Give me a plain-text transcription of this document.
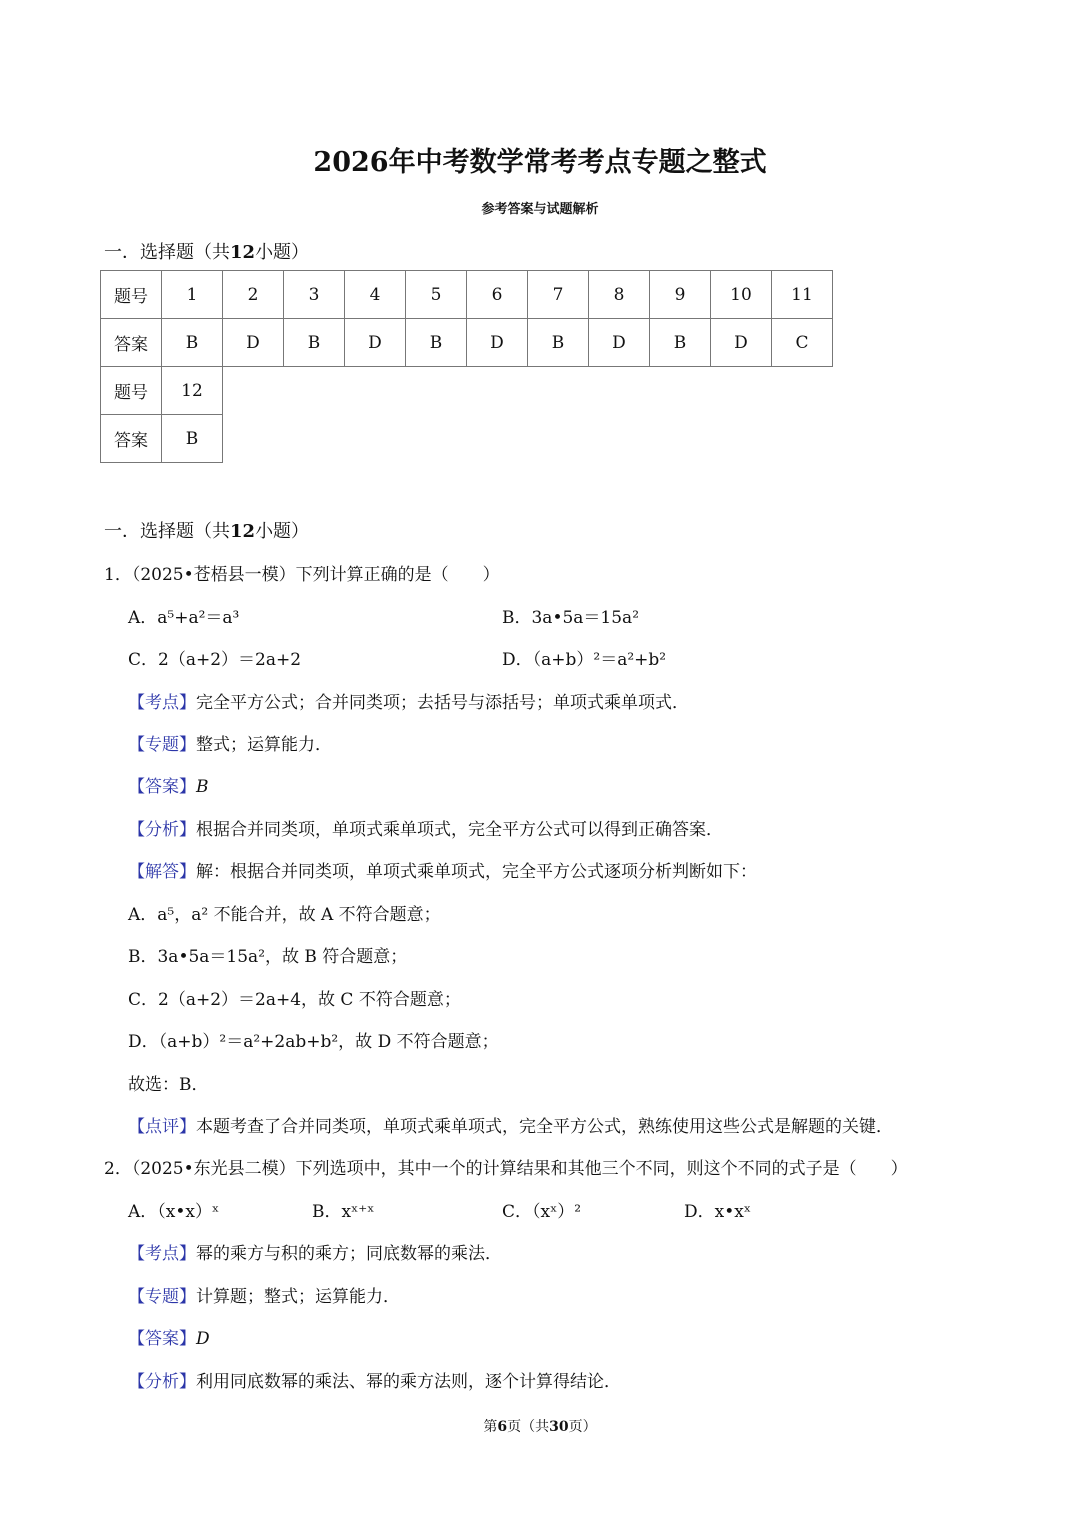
2026年中考数学常考考点专题之整式
参考答案与试题解析
一．选择题（共12小题）
题号	1	2	3	4	5	6	7	8	9	10	11
答案	B	D	B	D	B	D	B	D	B	D	C
题号	12										
答案	B										
一．选择题（共12小题）
1．（2025•苍梧县一模）下列计算正确的是（　　）
A．a⁵+a²＝a³	B．3a•5a＝15a²
C．2（a+2）＝2a+2	D．（a+b）²＝a²+b²
【考点】完全平方公式；合并同类项；去括号与添括号；单项式乘单项式．
【专题】整式；运算能力．
【答案】B
【分析】根据合并同类项，单项式乘单项式，完全平方公式可以得到正确答案．
【解答】解：根据合并同类项，单项式乘单项式，完全平方公式逐项分析判断如下：
A．a⁵，a² 不能合并，故 A 不符合题意；
B．3a•5a＝15a²，故 B 符合题意；
C．2（a+2）＝2a+4，故 C 不符合题意；
D．（a+b）²＝a²+2ab+b²，故 D 不符合题意；
故选：B．
【点评】本题考查了合并同类项，单项式乘单项式，完全平方公式，熟练使用这些公式是解题的关键．
2．（2025•东光县二模）下列选项中，其中一个的计算结果和其他三个不同，则这个不同的式子是（　　）
A．（x•x）ˣ	B．xˣ⁺ˣ	C．（xˣ）²	D．x•xˣ
【考点】幂的乘方与积的乘方；同底数幂的乘法．
【专题】计算题；整式；运算能力．
【答案】D
【分析】利用同底数幂的乘法、幂的乘方法则，逐个计算得结论．
第6页（共30页）
